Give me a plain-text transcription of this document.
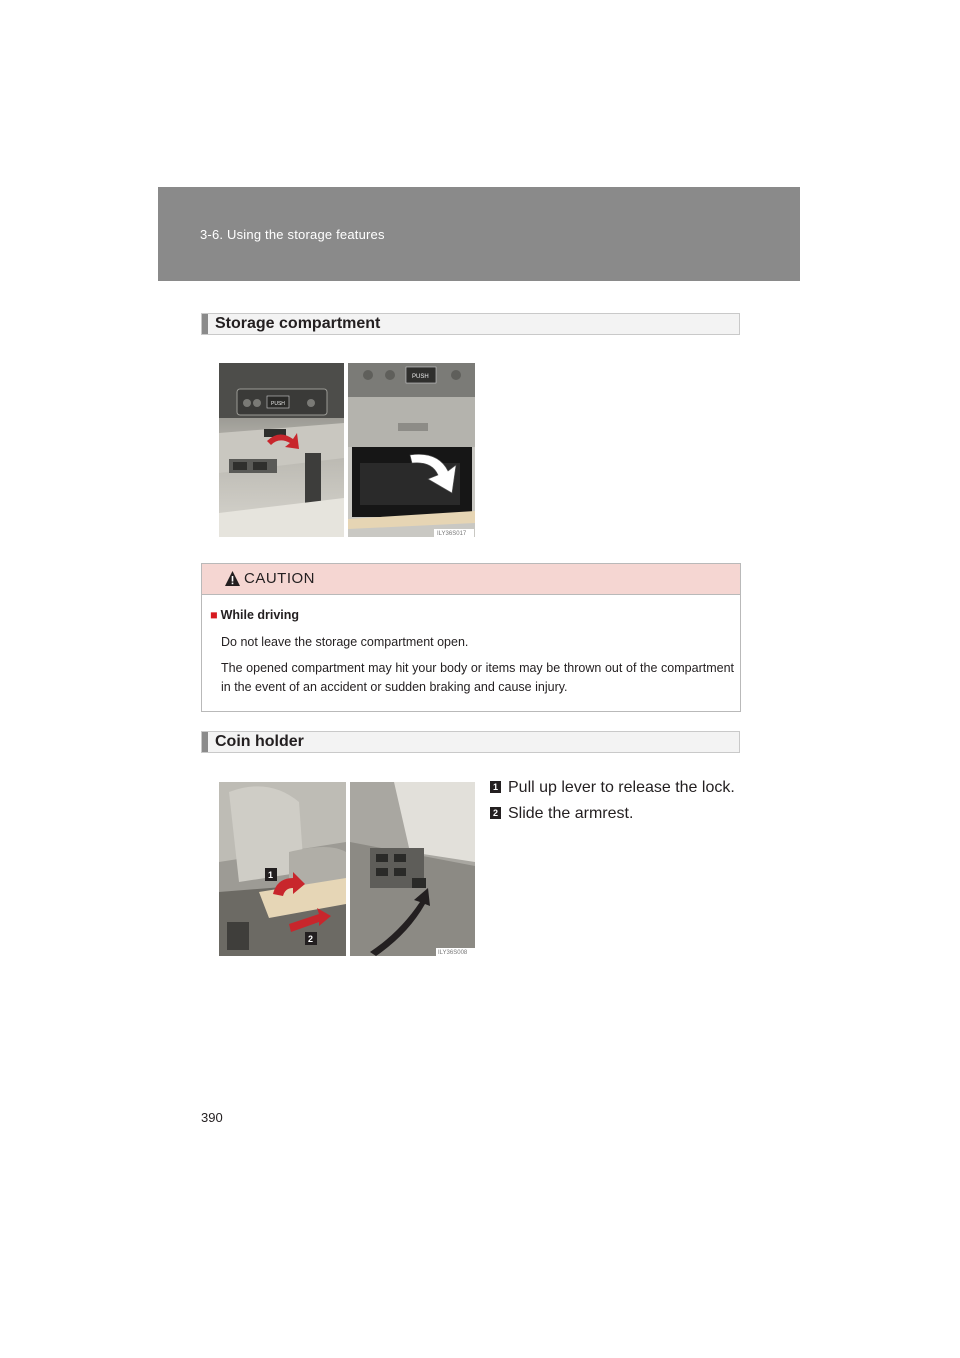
3-6. Using the storage features
Storage compartment
PUSH
PUSH
ILY36S017
CAUTION
■ While driving
Do not leave the storage compartment open.
The opened compartment may hit your body or items may be thrown out of the compartment in the event of an accident or sudden braking and cause injury.
Coin holder
1
2
ILY36S008
1 Pull up lever to release the lock.
2 Slide the armrest.
390
